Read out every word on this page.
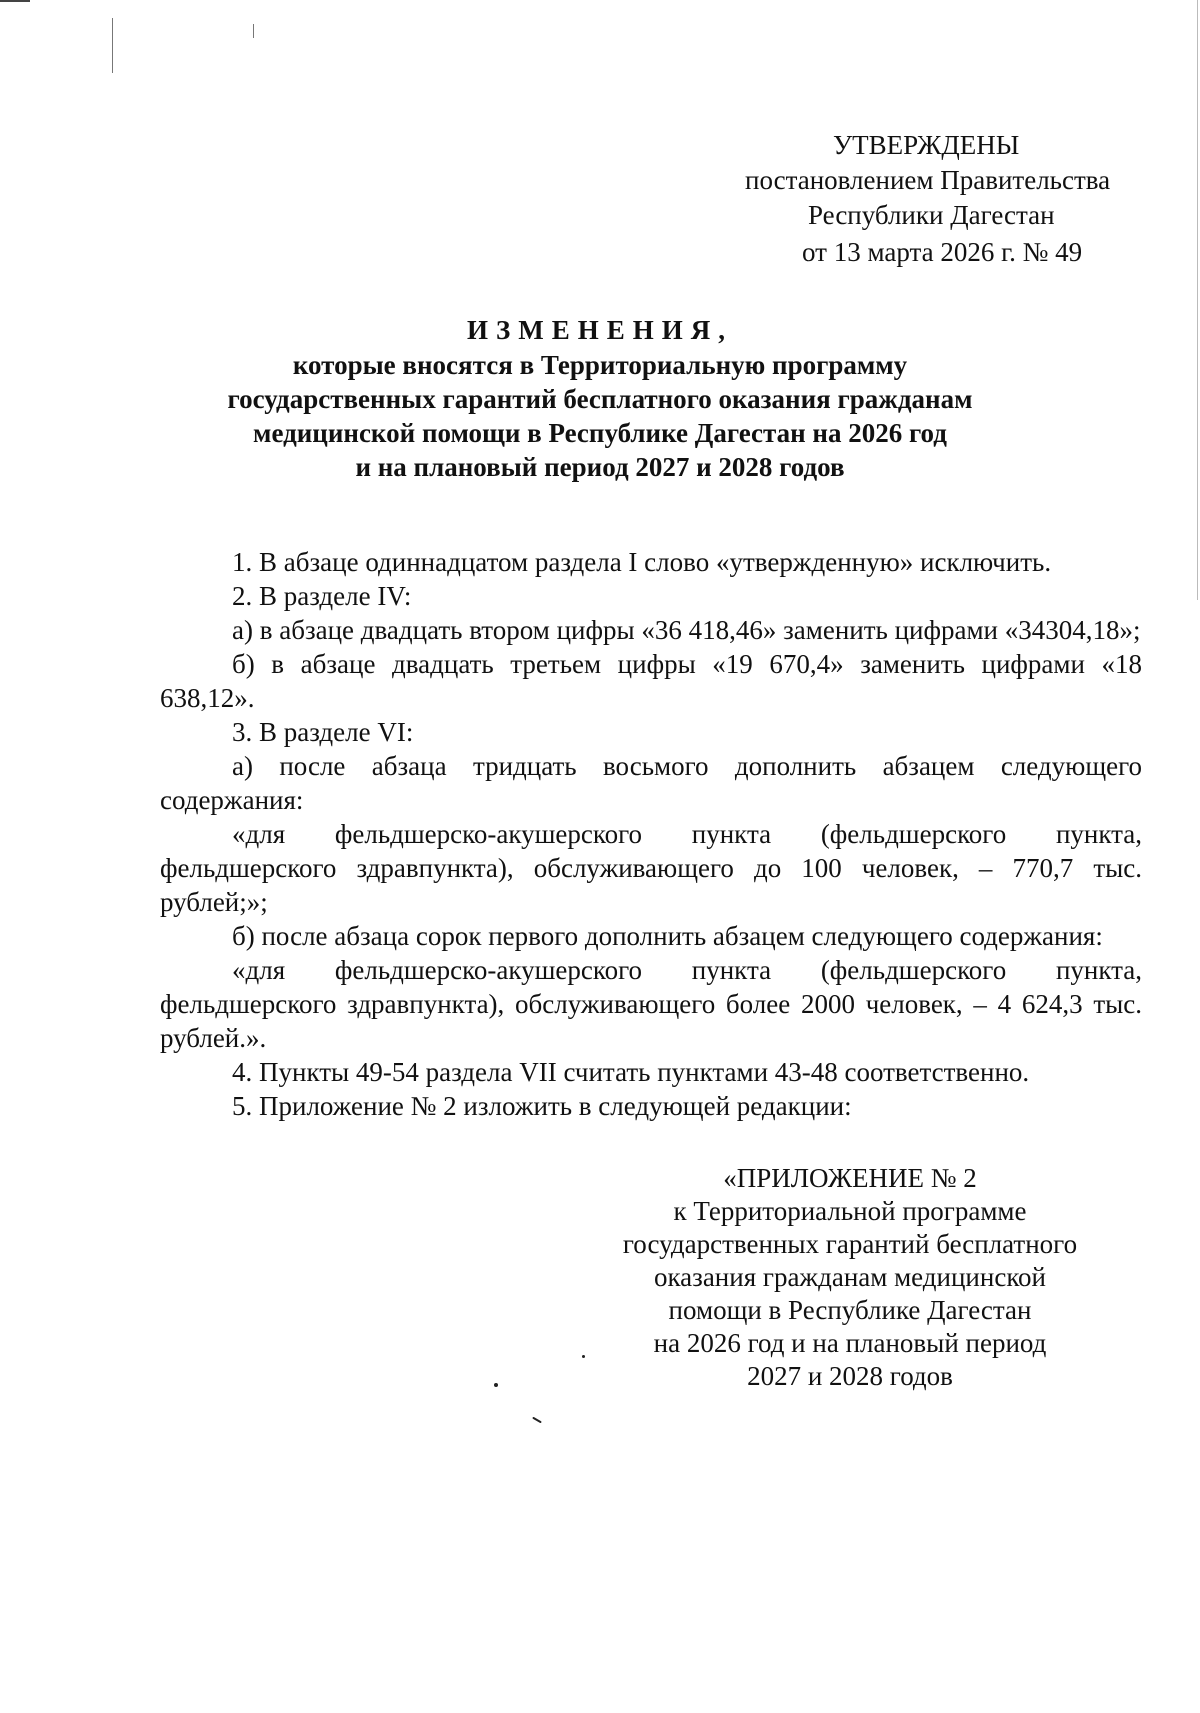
УТВЕРЖДЕНЫ
постановлением Правительства
Республики Дагестан
от 13 марта 2026 г. № 49
ИЗМЕНЕНИЯ,
которые вносятся в Территориальную программу
государственных гарантий бесплатного оказания гражданам
медицинской помощи в Республике Дагестан на 2026 год
и на плановый период 2027 и 2028 годов

1. В абзаце одиннадцатом раздела I слово «утвержденную» исключить.

2. В разделе IV:

а) в абзаце двадцать втором цифры «36 418,46» заменить цифрами «34304,18»;

б) в абзаце двадцать третьем цифры «19 670,4» заменить цифрами «18 638,12».

3. В разделе VI:

а) после абзаца тридцать восьмого дополнить абзацем следующего содержания:

«для фельдшерско-акушерского пункта (фельдшерского пункта, фельдшерского здравпункта), обслуживающего до 100 человек, – 770,7 тыс. рублей;»;

б) после абзаца сорок первого дополнить абзацем следующего содержания:

«для фельдшерско-акушерского пункта (фельдшерского пункта, фельдшерского здравпункта), обслуживающего более 2000 человек, – 4 624,3 тыс. рублей.».

4. Пункты 49-54 раздела VII считать пунктами 43-48 соответственно.

5. Приложение № 2 изложить в следующей редакции:

«ПРИЛОЖЕНИЕ № 2
к Территориальной программе
государственных гарантий бесплатного
оказания гражданам медицинской
помощи в Республике Дагестан
на 2026 год и на плановый период
2027 и 2028 годов
